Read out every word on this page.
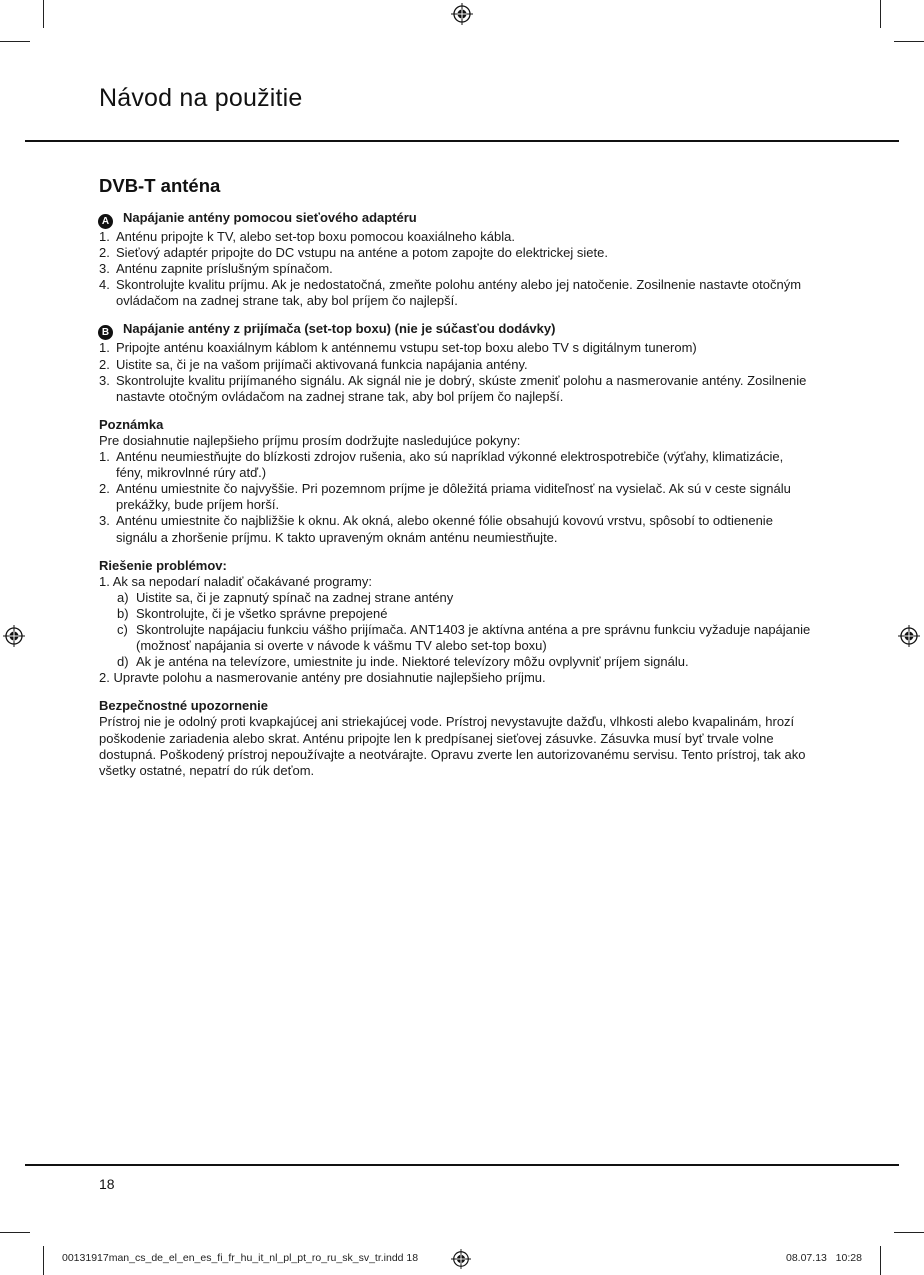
Návod na použitie
DVB-T anténa

A Napájanie antény pomocou sieťového adaptéru

1. Anténu pripojte k TV, alebo set-top boxu pomocou koaxiálneho kábla.
2. Sieťový adaptér pripojte do DC vstupu na anténe a potom zapojte do elektrickej siete.
3. Anténu zapnite príslušným spínačom.
4. Skontrolujte kvalitu príjmu. Ak je nedostatočná, zmeňte polohu antény alebo jej natočenie. Zosilnenie nastavte otočným ovládačom na zadnej strane tak, aby bol príjem čo najlepší.

B Napájanie antény z prijímača (set-top boxu) (nie je súčasťou dodávky)

1. Pripojte anténu koaxiálnym káblom k anténnemu vstupu set-top boxu alebo TV s digitálnym tunerom)
2. Uistite sa, či je na vašom prijímači aktivovaná funkcia napájania antény.
3. Skontrolujte kvalitu prijímaného signálu. Ak signál nie je dobrý, skúste zmeniť polohu a nasmerovanie antény. Zosilnenie nastavte otočným ovládačom na zadnej strane tak, aby bol príjem čo najlepší.

Poznámka

Pre dosiahnutie najlepšieho príjmu prosím dodržujte nasledujúce pokyny:

1. Anténu neumiestňujte do blízkosti zdrojov rušenia, ako sú napríklad výkonné elektrospotrebiče (výťahy, klimatizácie, fény, mikrovlnné rúry atď.)
2. Anténu umiestnite čo najvyššie. Pri pozemnom príjme je dôležitá priama viditeľnosť na vysielač. Ak sú v ceste signálu prekážky, bude príjem horší.
3. Anténu umiestnite čo najbližšie k oknu. Ak okná, alebo okenné fólie obsahujú kovovú vrstvu, spôsobí to odtienenie signálu a zhoršenie príjmu. K takto upraveným oknám anténu neumiestňujte.

Riešenie problémov:

1. Ak sa nepodarí naladiť očakávané programy:

a) Uistite sa, či je zapnutý spínač na zadnej strane antény
b) Skontrolujte, či je všetko správne prepojené
c) Skontrolujte napájaciu funkciu vášho prijímača. ANT1403 je aktívna anténa a pre správnu funkciu vyžaduje napájanie (možnosť napájania si overte v návode k vášmu TV alebo set-top boxu)
d) Ak je anténa na televízore, umiestnite ju inde. Niektoré televízory môžu ovplyvniť príjem signálu.

2. Upravte polohu a nasmerovanie antény pre dosiahnutie najlepšieho príjmu.

Bezpečnostné upozornenie

Prístroj nie je odolný proti kvapkajúcej ani striekajúcej vode. Prístroj nevystavujte dažďu, vlhkosti alebo kvapalinám, hrozí poškodenie zariadenia alebo skrat. Anténu pripojte len k predpísanej sieťovej zásuvke. Zásuvka musí byť trvale volne dostupná. Poškodený prístroj nepoužívajte a neotvárajte. Opravu zverte len autorizovanému servisu. Tento prístroj, tak ako všetky ostatné, nepatrí do rúk deťom.

18
00131917man_cs_de_el_en_es_fi_fr_hu_it_nl_pl_pt_ro_ru_sk_sv_tr.indd 18	08.07.13 10:28
